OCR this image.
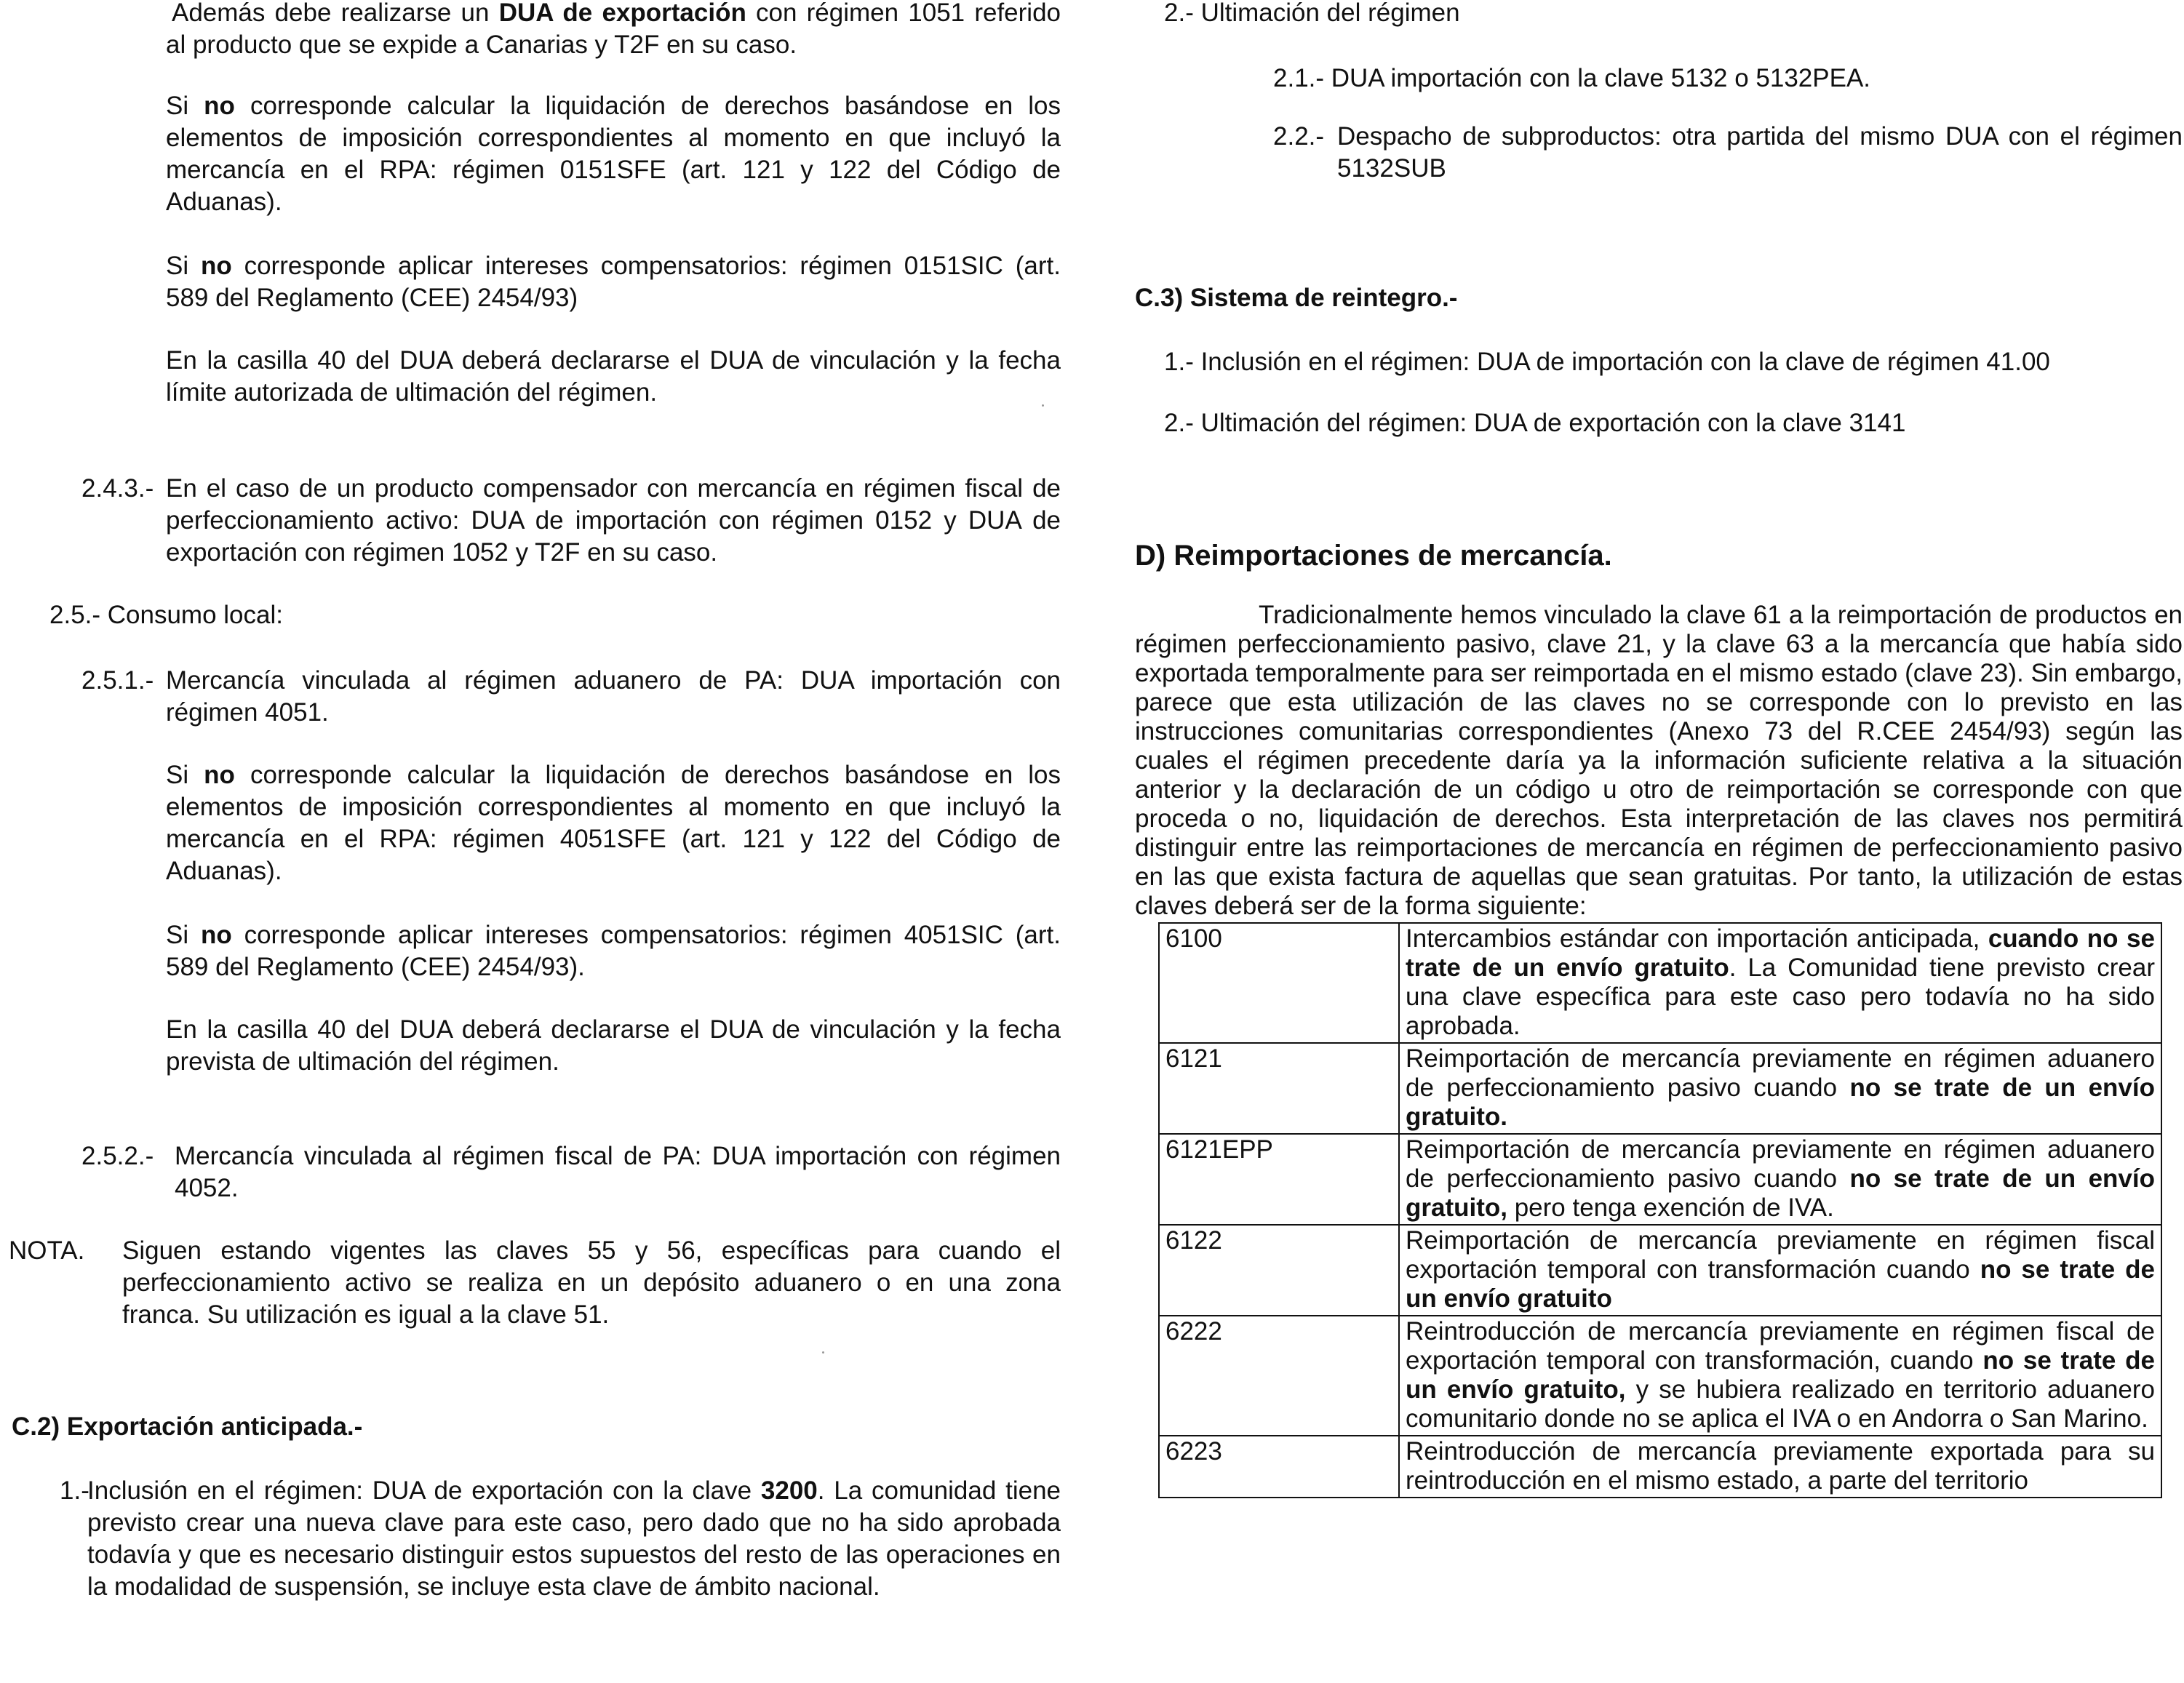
Además debe realizarse un DUA de exportación con régimen 1051 referido al producto que se expide a Canarias y T2F en su caso.

Si no corresponde calcular la liquidación de derechos basándose en los elementos de imposición correspondientes al momento en que incluyó la mercancía en el RPA: régimen 0151SFE (art. 121 y 122 del Código de Aduanas).

Si no corresponde aplicar intereses compensatorios: régimen 0151SIC (art. 589 del Reglamento (CEE) 2454/93)

En la casilla 40 del DUA deberá declararse el DUA de vinculación y la fecha límite autorizada de ultimación del régimen.

2.4.3.- En el caso de un producto compensador con mercancía en régimen fiscal de perfeccionamiento activo: DUA de importación con régimen 0152 y DUA de exportación con régimen 1052 y T2F en su caso.

2.5.- Consumo local:

2.5.1.- Mercancía vinculada al régimen aduanero de PA: DUA importación con régimen 4051.

Si no corresponde calcular la liquidación de derechos basándose en los elementos de imposición correspondientes al momento en que incluyó la mercancía en el RPA: régimen 4051SFE (art. 121 y 122 del Código de Aduanas).

Si no corresponde aplicar intereses compensatorios: régimen 4051SIC (art. 589 del Reglamento (CEE) 2454/93).

En la casilla 40 del DUA deberá declararse el DUA de vinculación y la fecha prevista de ultimación del régimen.

2.5.2.- Mercancía vinculada al régimen fiscal de PA: DUA importación con régimen 4052.
NOTA. Siguen estando vigentes las claves 55 y 56, específicas para cuando el perfeccionamiento activo se realiza en un depósito aduanero o en una zona franca. Su utilización es igual a la clave 51.

C.2) Exportación anticipada.-

1.-
Inclusión en el régimen: DUA de exportación con la clave 3200. La comunidad tiene previsto crear una nueva clave para este caso, pero dado que no ha sido aprobada todavía y que es necesario distinguir estos supuestos del resto de las operaciones en la modalidad de suspensión, se incluye esta clave de ámbito nacional.

2.- Ultimación del régimen

2.1.- DUA importación con la clave 5132 o 5132PEA.

2.2.- Despacho de subproductos: otra partida del mismo DUA con el régimen 5132SUB

C.3) Sistema de reintegro.-

1.- Inclusión en el régimen: DUA de importación con la clave de régimen 41.00

2.- Ultimación del régimen: DUA de exportación con la clave 3141

D) Reimportaciones de mercancía.

Tradicionalmente hemos vinculado la clave 61 a la reimportación de productos en régimen perfeccionamiento pasivo, clave 21, y la clave 63 a la mercancía que había sido exportada temporalmente para ser reimportada en el mismo estado (clave 23). Sin embargo, parece que esta utilización de las claves no se corresponde con lo previsto en las instrucciones comunitarias correspondientes (Anexo 73 del R.CEE 2454/93) según las cuales el régimen precedente daría ya la información suficiente relativa a la situación anterior y la declaración de un código u otro de reimportación se corresponde con que proceda o no, liquidación de derechos. Esta interpretación de las claves nos permitirá distinguir entre las reimportaciones de mercancía en régimen de perfeccionamiento pasivo en las que exista factura de aquellas que sean gratuitas. Por tanto, la utilización de estas claves deberá ser de la forma siguiente:

6100	Intercambios estándar con importación anticipada, cuando no se trate de un envío gratuito. La Comunidad tiene previsto crear una clave específica para este caso pero todavía no ha sido aprobada.
6121	Reimportación de mercancía previamente en régimen aduanero de perfeccionamiento pasivo cuando no se trate de un envío gratuito.
6121EPP	Reimportación de mercancía previamente en régimen aduanero de perfeccionamiento pasivo cuando no se trate de un envío gratuito, pero tenga exención de IVA.
6122	Reimportación de mercancía previamente en régimen fiscal exportación temporal con transformación cuando no se trate de un envío gratuito
6222	Reintroducción de mercancía previamente en régimen fiscal de exportación temporal con transformación, cuando no se trate de un envío gratuito, y se hubiera realizado en territorio aduanero comunitario donde no se aplica el IVA o en Andorra o San Marino.
6223	Reintroducción de mercancía previamente exportada para su reintroducción en el mismo estado, a parte del territorio
